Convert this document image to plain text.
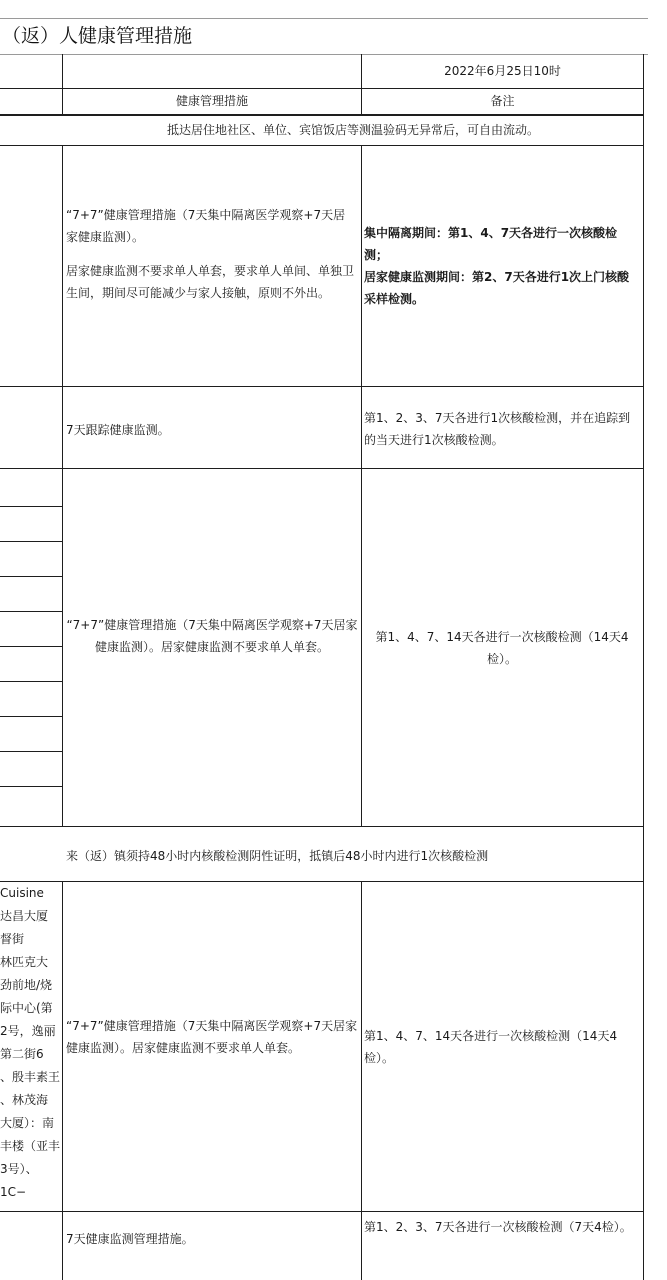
（返）人健康管理措施
2022年6月25日10时
健康管理措施	备注
抵达居住地社区、单位、宾馆饭店等测温验码无异常后，可自由流动。

“7+7”健康管理措施（7天集中隔离医学观察+7天居家健康监测）。

居家健康监测不要求单人单套，要求单人单间、单独卫生间，期间尽可能减少与家人接触，原则不外出。

集中隔离期间：第1、4、7天各进行一次核酸检测；

居家健康监测期间：第2、7天各进行1次上门核酸采样检测。

7天跟踪健康监测。
第1、2、3、7天各进行1次核酸检测，并在追踪到的当天进行1次核酸检测。
“7+7”健康管理措施（7天集中隔离医学观察+7天居家健康监测）。居家健康监测不要求单人单套。
第1、4、7、14天各进行一次核酸检测（14天4检）。
来（返）镇须持48小时内核酸检测阴性证明，抵镇后48小时内进行1次核酸检测
Cuisine
达昌大厦
督街
林匹克大
劲前地/烧
际中心(第
2号，逸丽
第二街6
、殷丰素王
、林茂海
大厦）：南
丰楼（亚丰
3号）、
1C−
“7+7”健康管理措施（7天集中隔离医学观察+7天居家健康监测）。居家健康监测不要求单人单套。
第1、4、7、14天各进行一次核酸检测（14天4检）。
7天健康监测管理措施。
第1、2、3、7天各进行一次核酸检测（7天4检）。
